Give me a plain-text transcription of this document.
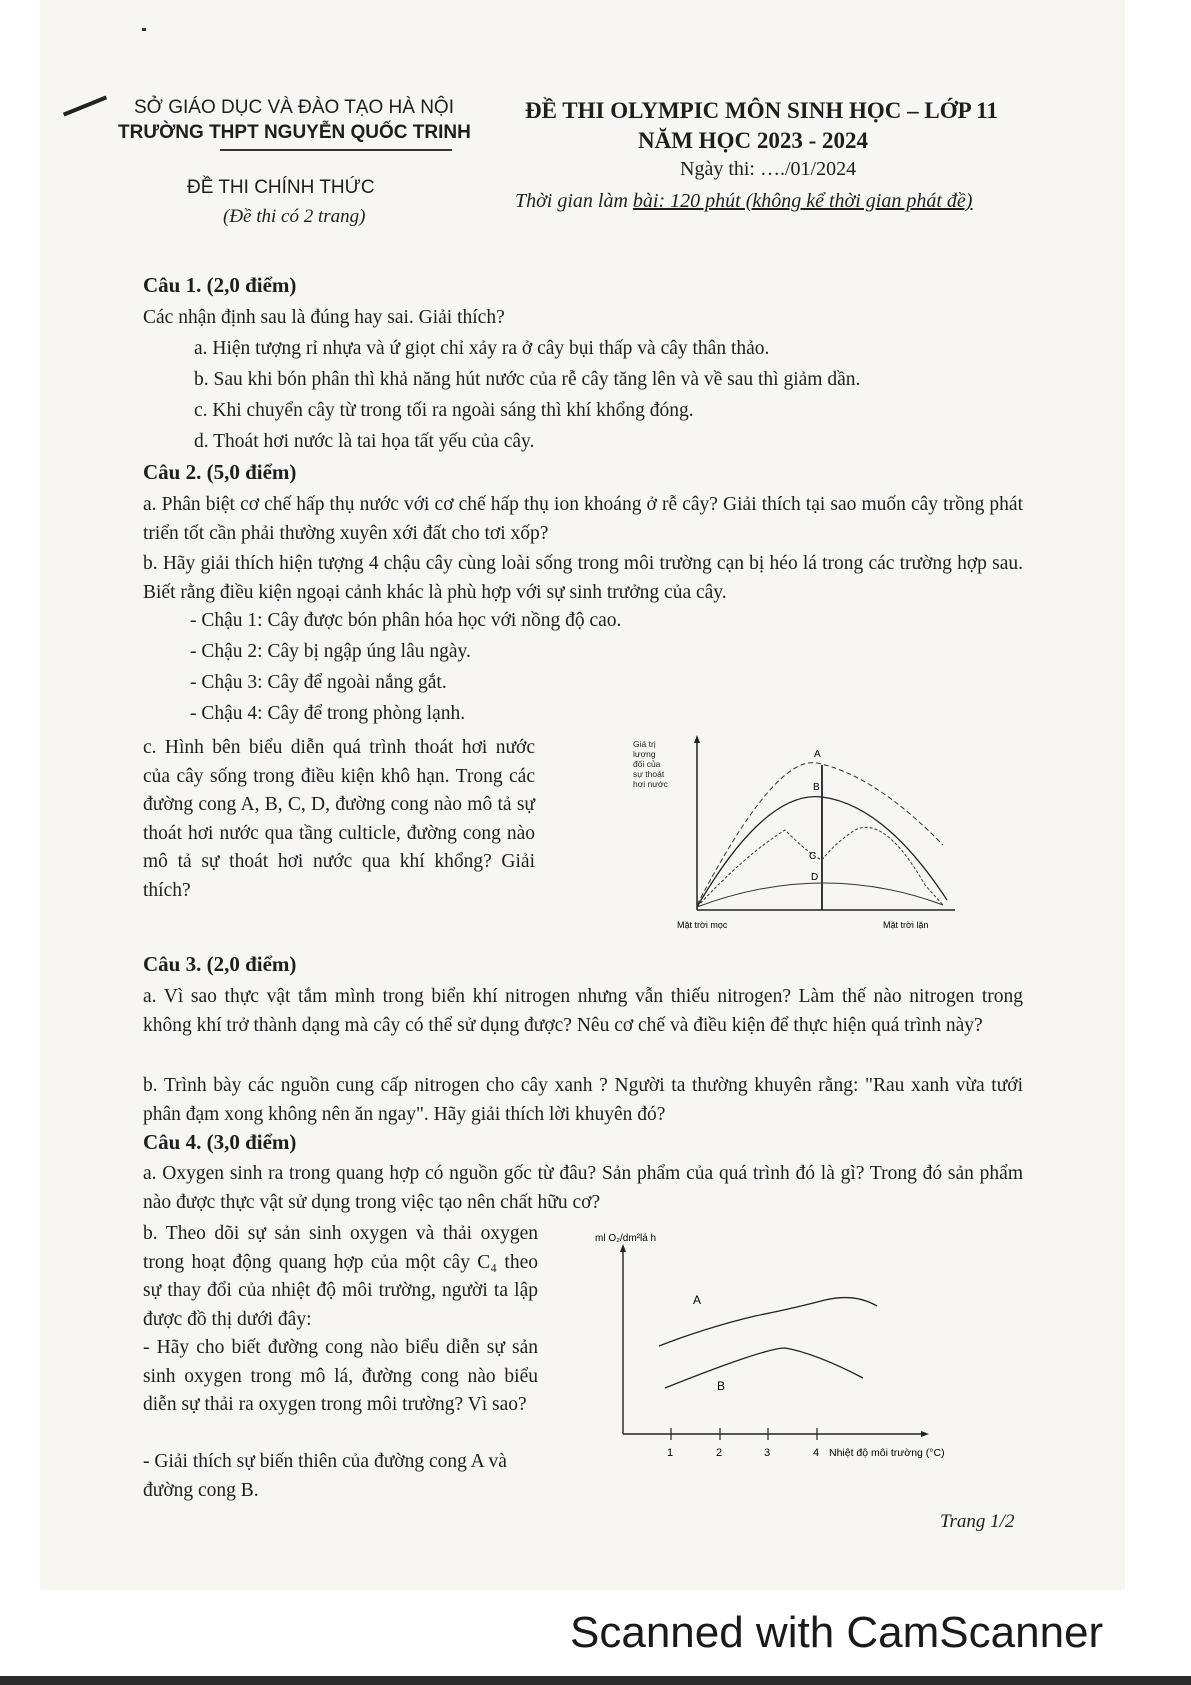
SỞ GIÁO DỤC VÀ ĐÀO TẠO HÀ NỘI
TRƯỜNG THPT NGUYỄN QUỐC TRINH
ĐỀ THI CHÍNH THỨC
(Đề thi có 2 trang)
ĐỀ THI OLYMPIC MÔN SINH HỌC – LỚP 11
NĂM HỌC 2023 - 2024
Ngày thi: …./01/2024
Thời gian làm bài: 120 phút (không kể thời gian phát đề)
Câu 1. (2,0 điểm)
Các nhận định sau là đúng hay sai. Giải thích?
a. Hiện tượng rỉ nhựa và ứ giọt chỉ xảy ra ở cây bụi thấp và cây thân thảo.
b. Sau khi bón phân thì khả năng hút nước của rễ cây tăng lên và về sau thì giảm dần.
c. Khi chuyển cây từ trong tối ra ngoài sáng thì khí khổng đóng.
d. Thoát hơi nước là tai họa tất yếu của cây.
Câu 2. (5,0 điểm)
a. Phân biệt cơ chế hấp thụ nước với cơ chế hấp thụ ion khoáng ở rễ cây? Giải thích tại sao muốn cây trồng phát triển tốt cần phải thường xuyên xới đất cho tơi xốp?
b. Hãy giải thích hiện tượng 4 chậu cây cùng loài sống trong môi trường cạn bị héo lá trong các trường hợp sau. Biết rằng điều kiện ngoại cảnh khác là phù hợp với sự sinh trưởng của cây.
- Chậu 1: Cây được bón phân hóa học với nồng độ cao.
- Chậu 2: Cây bị ngập úng lâu ngày.
- Chậu 3: Cây để ngoài nắng gắt.
- Chậu 4: Cây để trong phòng lạnh.
c. Hình bên biểu diễn quá trình thoát hơi nước của cây sống trong điều kiện khô hạn. Trong các đường cong A, B, C, D, đường cong nào mô tả sự thoát hơi nước qua tầng culticle, đường cong nào mô tả sự thoát hơi nước qua khí khổng? Giải thích?
Giá trị
lượng
đối của
sự thoát
hơi nước
A
B
C
D
Mặt trời mọc	Mặt trời lặn
Câu 3. (2,0 điểm)
a. Vì sao thực vật tắm mình trong biển khí nitrogen nhưng vẫn thiếu nitrogen? Làm thế nào nitrogen trong không khí trở thành dạng mà cây có thể sử dụng được? Nêu cơ chế và điều kiện để thực hiện quá trình này?
b. Trình bày các nguồn cung cấp nitrogen cho cây xanh ? Người ta thường khuyên rằng: "Rau xanh vừa tưới phân đạm xong không nên ăn ngay". Hãy giải thích lời khuyên đó?
Câu 4. (3,0 điểm)
a. Oxygen sinh ra trong quang hợp có nguồn gốc từ đâu? Sản phẩm của quá trình đó là gì? Trong đó sản phẩm nào được thực vật sử dụng trong việc tạo nên chất hữu cơ?
b. Theo dõi sự sản sinh oxygen và thải oxygen trong hoạt động quang hợp của một cây C₄ theo sự thay đổi của nhiệt độ môi trường, người ta lập được đồ thị dưới đây:
- Hãy cho biết đường cong nào biểu diễn sự sản sinh oxygen trong mô lá, đường cong nào biểu diễn sự thải ra oxygen trong môi trường? Vì sao?
- Giải thích sự biến thiên của đường cong A và đường cong B.
ml O₂/dm²lá h
A
B
1	2	3	4 Nhiệt độ môi trường (°C)
Trang 1/2
Scanned with CamScanner
